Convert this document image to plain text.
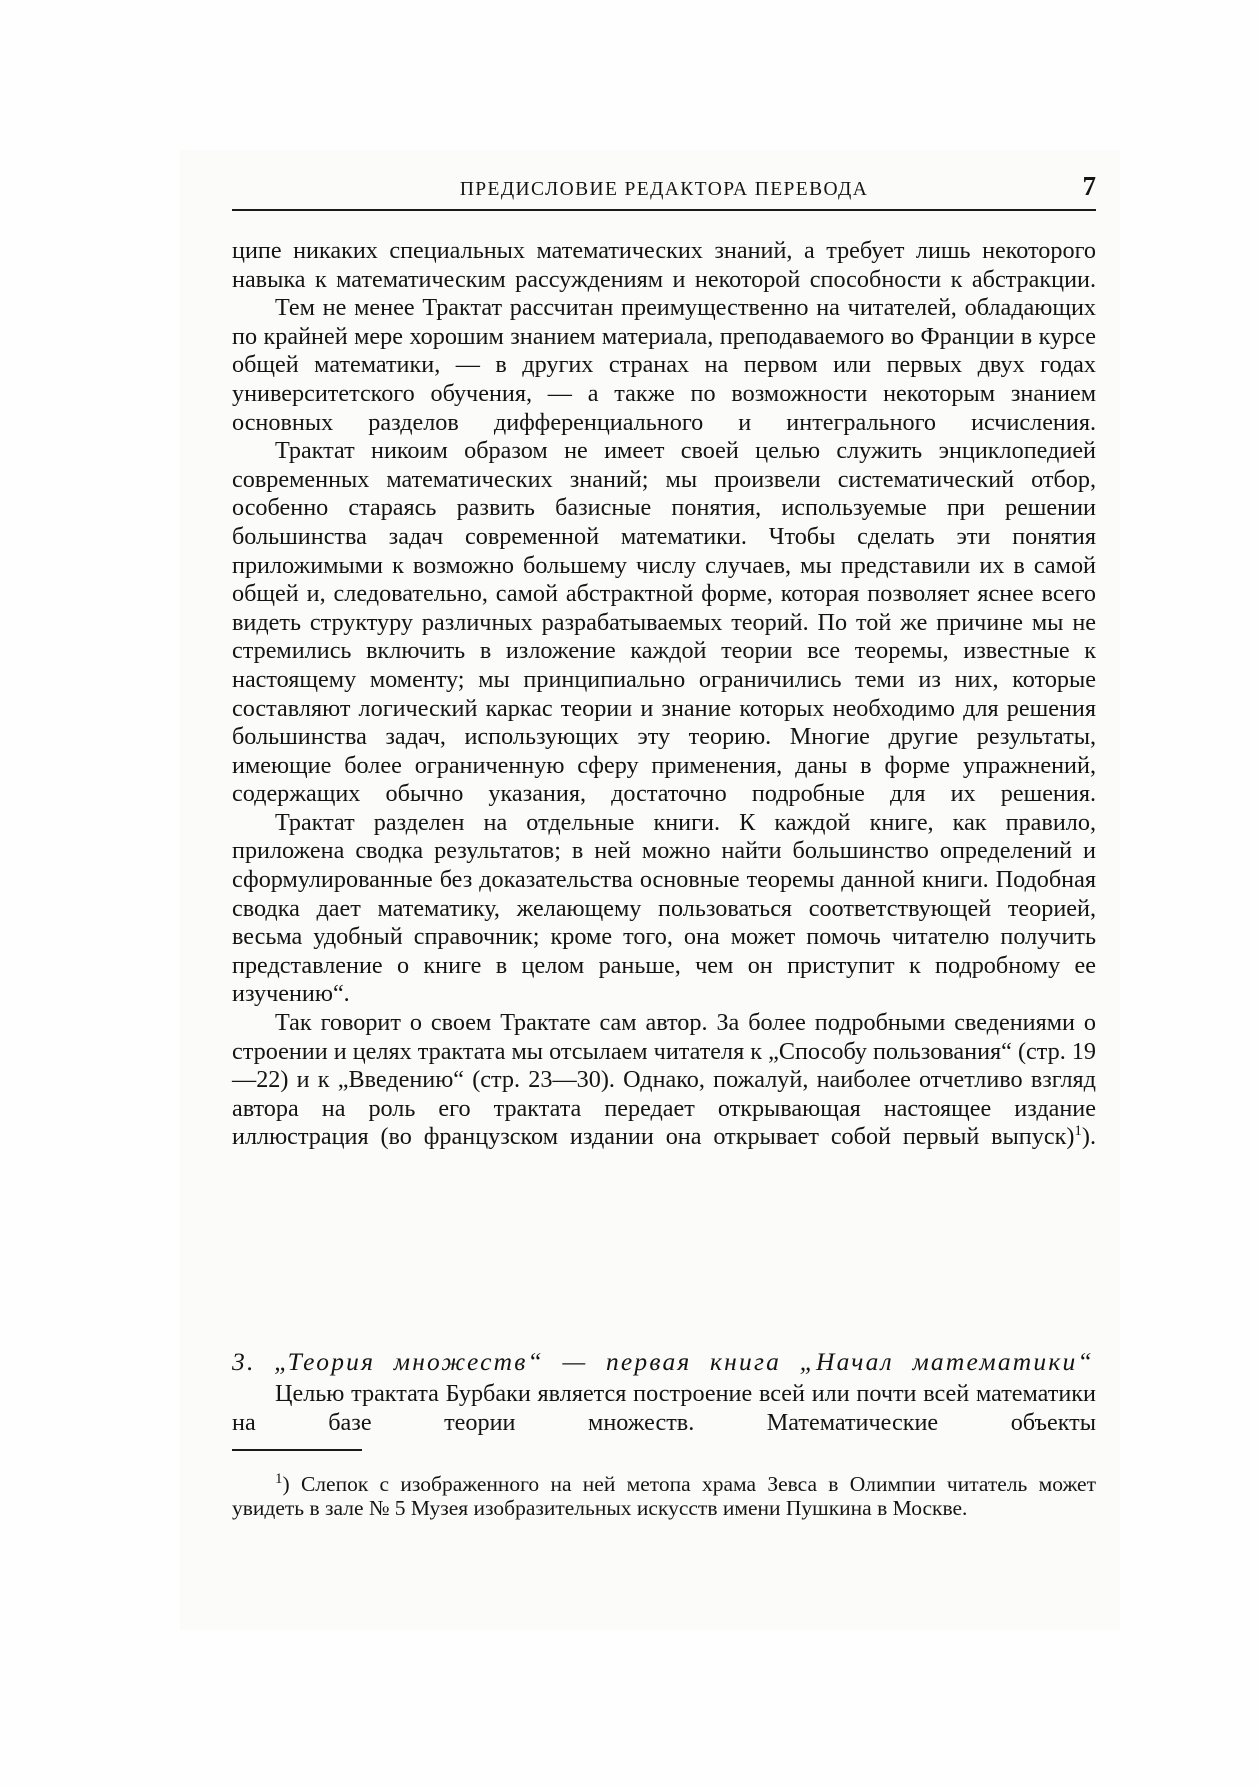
ПРЕДИСЛОВИЕ РЕДАКТОРА ПЕРЕВОДА	7

ципе никаких специальных математических знаний, а требует лишь некоторого навыка к математическим рассуждениям и некоторой способности к абстракции.

Тем не менее Трактат рассчитан преимущественно на читателей, обладающих по крайней мере хорошим знанием материала, преподаваемого во Франции в курсе общей математики, — в других странах на первом или первых двух годах университетского обучения, — а также по возможности некоторым знанием основных разделов дифференциального и интегрального исчисления.

Трактат никоим образом не имеет своей целью служить энциклопедией современных математических знаний; мы произвели систематический отбор, особенно стараясь развить базисные понятия, используемые при решении большинства задач современной математики. Чтобы сделать эти понятия приложимыми к возможно большему числу случаев, мы представили их в самой общей и, следовательно, самой абстрактной форме, которая позволяет яснее всего видеть структуру различных разрабатываемых теорий. По той же причине мы не стремились включить в изложение каждой теории все теоремы, известные к настоящему моменту; мы принципиально ограничились теми из них, которые составляют логический каркас теории и знание которых необходимо для решения большинства задач, использующих эту теорию. Многие другие результаты, имеющие более ограниченную сферу применения, даны в форме упражнений, содержащих обычно указания, достаточно подробные для их решения.

Трактат разделен на отдельные книги. К каждой книге, как правило, приложена сводка результатов; в ней можно найти большинство определений и сформулированные без доказательства основные теоремы данной книги. Подобная сводка дает математику, желающему пользоваться соответствующей теорией, весьма удобный справочник; кроме того, она может помочь читателю получить представление о книге в целом раньше, чем он приступит к подробному ее изучению“.

Так говорит о своем Трактате сам автор. За более подробными сведениями о строении и целях трактата мы отсылаем читателя к „Способу пользования“ (стр. 19—22) и к „Введению“ (стр. 23—30). Однако, пожалуй, наиболее отчетливо взгляд автора на роль его трактата передает открывающая настоящее издание иллюстрация (во французском издании она открывает собой первый выпуск)$^1$).

3. „Теория множеств“ — первая книга „Начал математики“

Целью трактата Бурбаки является построение всей или почти всей математики на базе теории множеств. Математические объекты

$^1$) Слепок с изображенного на ней метопа храма Зевса в Олимпии читатель может увидеть в зале № 5 Музея изобразительных искусств имени Пушкина в Москве.
